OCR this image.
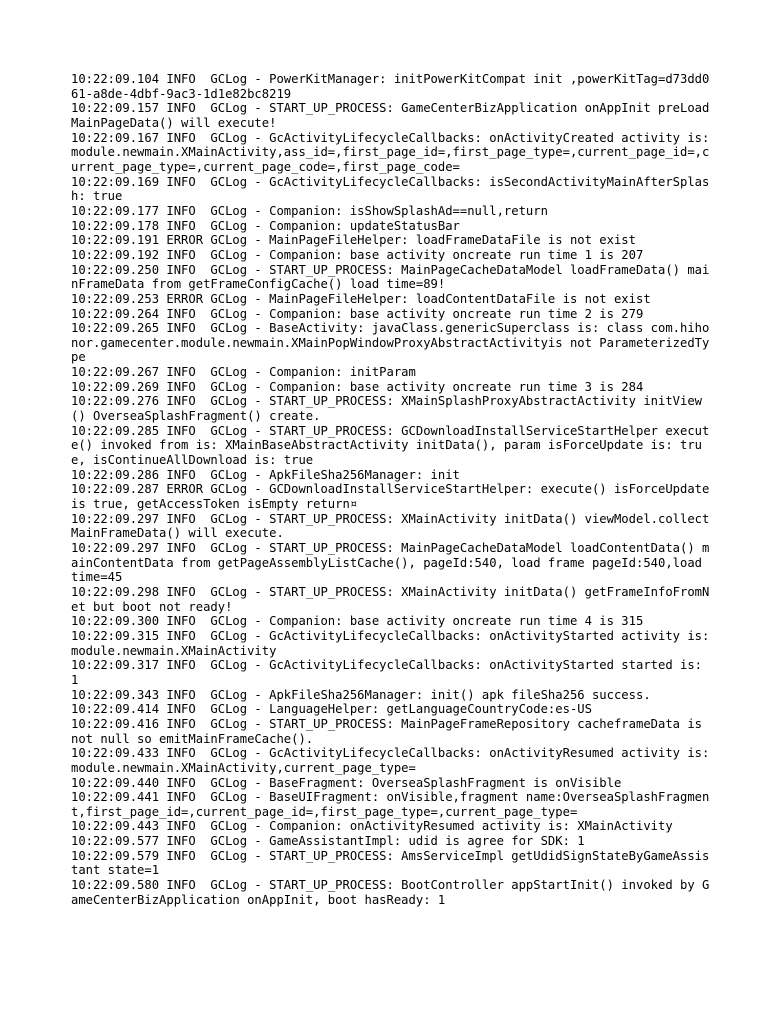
10:22:09.104 INFO  GCLog - PowerKitManager: initPowerKitCompat init ,powerKitTag=d73dd061-a8de-4dbf-9ac3-1d1e82bc8219
10:22:09.157 INFO  GCLog - START_UP_PROCESS: GameCenterBizApplication onAppInit preLoadMainPageData() will execute!
10:22:09.167 INFO  GCLog - GcActivityLifecycleCallbacks: onActivityCreated activity is:module.newmain.XMainActivity,ass_id=,first_page_id=,first_page_type=,current_page_id=,current_page_type=,current_page_code=,first_page_code=
10:22:09.169 INFO  GCLog - GcActivityLifecycleCallbacks: isSecondActivityMainAfterSplash: true
10:22:09.177 INFO  GCLog - Companion: isShowSplashAd==null,return
10:22:09.178 INFO  GCLog - Companion: updateStatusBar
10:22:09.191 ERROR GCLog - MainPageFileHelper: loadFrameDataFile is not exist
10:22:09.192 INFO  GCLog - Companion: base activity oncreate run time 1 is 207
10:22:09.250 INFO  GCLog - START_UP_PROCESS: MainPageCacheDataModel loadFrameData() mainFrameData from getFrameConfigCache() load time=89!
10:22:09.253 ERROR GCLog - MainPageFileHelper: loadContentDataFile is not exist
10:22:09.264 INFO  GCLog - Companion: base activity oncreate run time 2 is 279
10:22:09.265 INFO  GCLog - BaseActivity: javaClass.genericSuperclass is: class com.hihonor.gamecenter.module.newmain.XMainPopWindowProxyAbstractActivityis not ParameterizedType
10:22:09.267 INFO  GCLog - Companion: initParam
10:22:09.269 INFO  GCLog - Companion: base activity oncreate run time 3 is 284
10:22:09.276 INFO  GCLog - START_UP_PROCESS: XMainSplashProxyAbstractActivity initView() OverseaSplashFragment() create.
10:22:09.285 INFO  GCLog - START_UP_PROCESS: GCDownloadInstallServiceStartHelper execute() invoked from is: XMainBaseAbstractActivity initData(), param isForceUpdate is: true, isContinueAllDownload is: true
10:22:09.286 INFO  GCLog - ApkFileSha256Manager: init
10:22:09.287 ERROR GCLog - GCDownloadInstallServiceStartHelper: execute() isForceUpdate is true, getAccessToken isEmpty return¤
10:22:09.297 INFO  GCLog - START_UP_PROCESS: XMainActivity initData() viewModel.collectMainFrameData() will execute.
10:22:09.297 INFO  GCLog - START_UP_PROCESS: MainPageCacheDataModel loadContentData() mainContentData from getPageAssemblyListCache(), pageId:540, load frame pageId:540,load time=45
10:22:09.298 INFO  GCLog - START_UP_PROCESS: XMainActivity initData() getFrameInfoFromNet but boot not ready!
10:22:09.300 INFO  GCLog - Companion: base activity oncreate run time 4 is 315
10:22:09.315 INFO  GCLog - GcActivityLifecycleCallbacks: onActivityStarted activity is: module.newmain.XMainActivity
10:22:09.317 INFO  GCLog - GcActivityLifecycleCallbacks: onActivityStarted started is: 1
10:22:09.343 INFO  GCLog - ApkFileSha256Manager: init() apk fileSha256 success.
10:22:09.414 INFO  GCLog - LanguageHelper: getLanguageCountryCode:es-US
10:22:09.416 INFO  GCLog - START_UP_PROCESS: MainPageFrameRepository cacheframeData is not null so emitMainFrameCache().
10:22:09.433 INFO  GCLog - GcActivityLifecycleCallbacks: onActivityResumed activity is: module.newmain.XMainActivity,current_page_type=
10:22:09.440 INFO  GCLog - BaseFragment: OverseaSplashFragment is onVisible
10:22:09.441 INFO  GCLog - BaseUIFragment: onVisible,fragment name:OverseaSplashFragment,first_page_id=,current_page_id=,first_page_type=,current_page_type=
10:22:09.443 INFO  GCLog - Companion: onActivityResumed activity is: XMainActivity
10:22:09.577 INFO  GCLog - GameAssistantImpl: udid is agree for SDK: 1
10:22:09.579 INFO  GCLog - START_UP_PROCESS: AmsServiceImpl getUdidSignStateByGameAssistant state=1
10:22:09.580 INFO  GCLog - START_UP_PROCESS: BootController appStartInit() invoked by GameCenterBizApplication onAppInit, boot hasReady: 1
